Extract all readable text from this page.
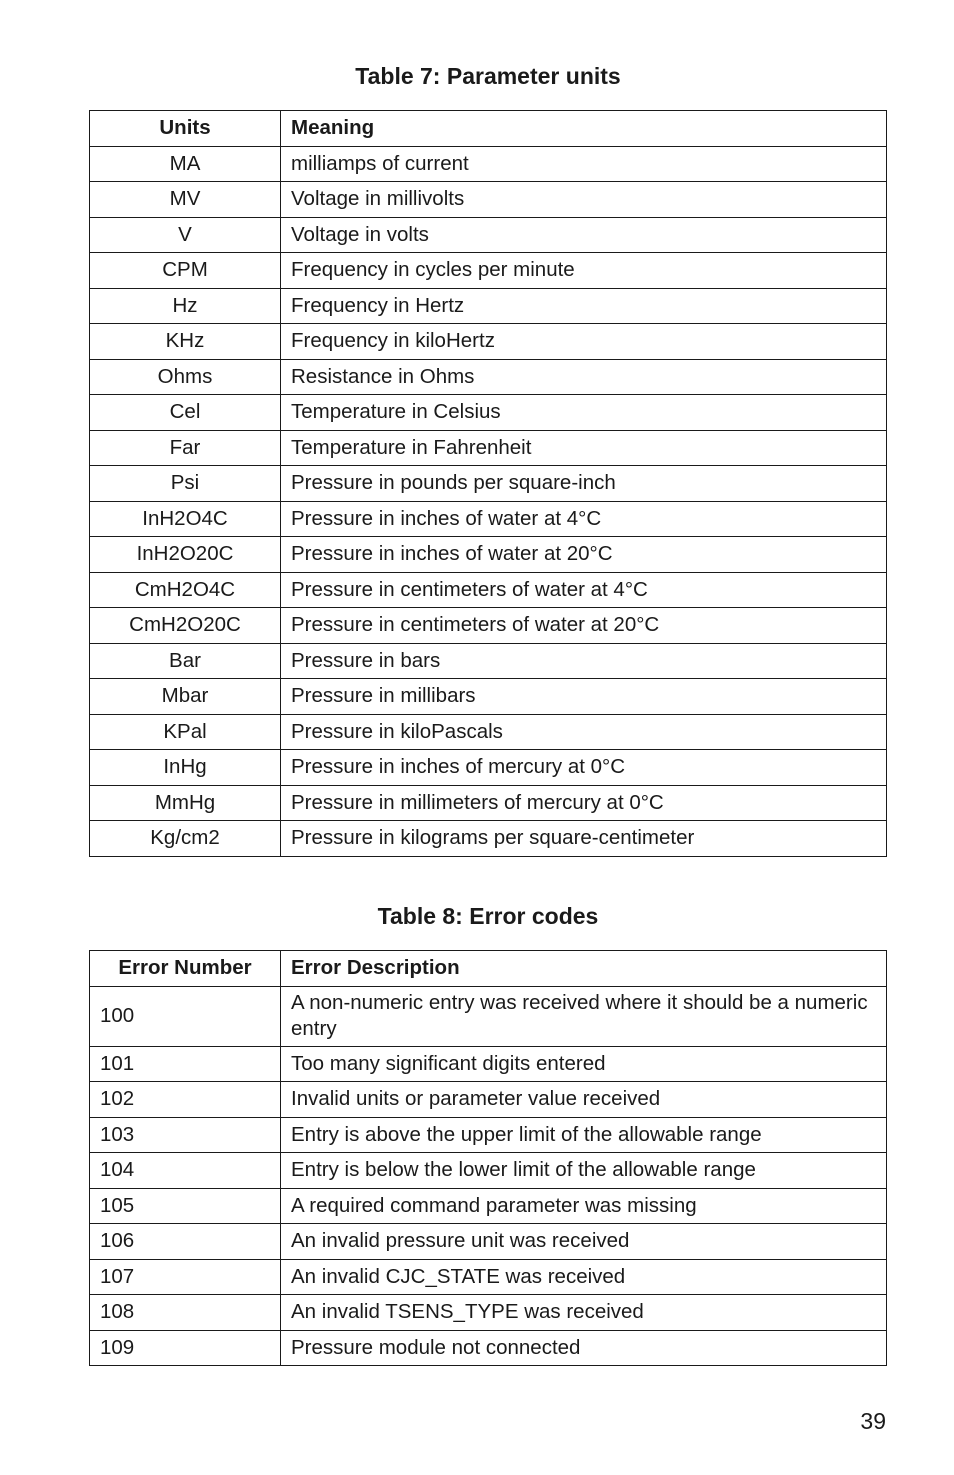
Table 7: Parameter units
Units	Meaning
MA	milliamps of current
MV	Voltage in millivolts
V	Voltage in volts
CPM	Frequency in cycles per minute
Hz	Frequency in Hertz
KHz	Frequency in kiloHertz
Ohms	Resistance in Ohms
Cel	Temperature in Celsius
Far	Temperature in Fahrenheit
Psi	Pressure in pounds per square-inch
InH2O4C	Pressure in inches of water at 4°C
InH2O20C	Pressure in inches of water at 20°C
CmH2O4C	Pressure in centimeters of water at 4°C
CmH2O20C	Pressure in centimeters of water at 20°C
Bar	Pressure in bars
Mbar	Pressure in millibars
KPal	Pressure in kiloPascals
InHg	Pressure in inches of mercury at 0°C
MmHg	Pressure in millimeters of mercury at 0°C
Kg/cm2	Pressure in kilograms per square-centimeter
Table 8: Error codes
Error Number	Error Description
100	A non-numeric entry was received where it should be a numeric entry
101	Too many significant digits entered
102	Invalid units or parameter value received
103	Entry is above the upper limit of the allowable range
104	Entry is below the lower limit of the allowable range
105	A required command parameter was missing
106	An invalid pressure unit was received
107	An invalid CJC_STATE was received
108	An invalid TSENS_TYPE was received
109	Pressure module not connected

39
